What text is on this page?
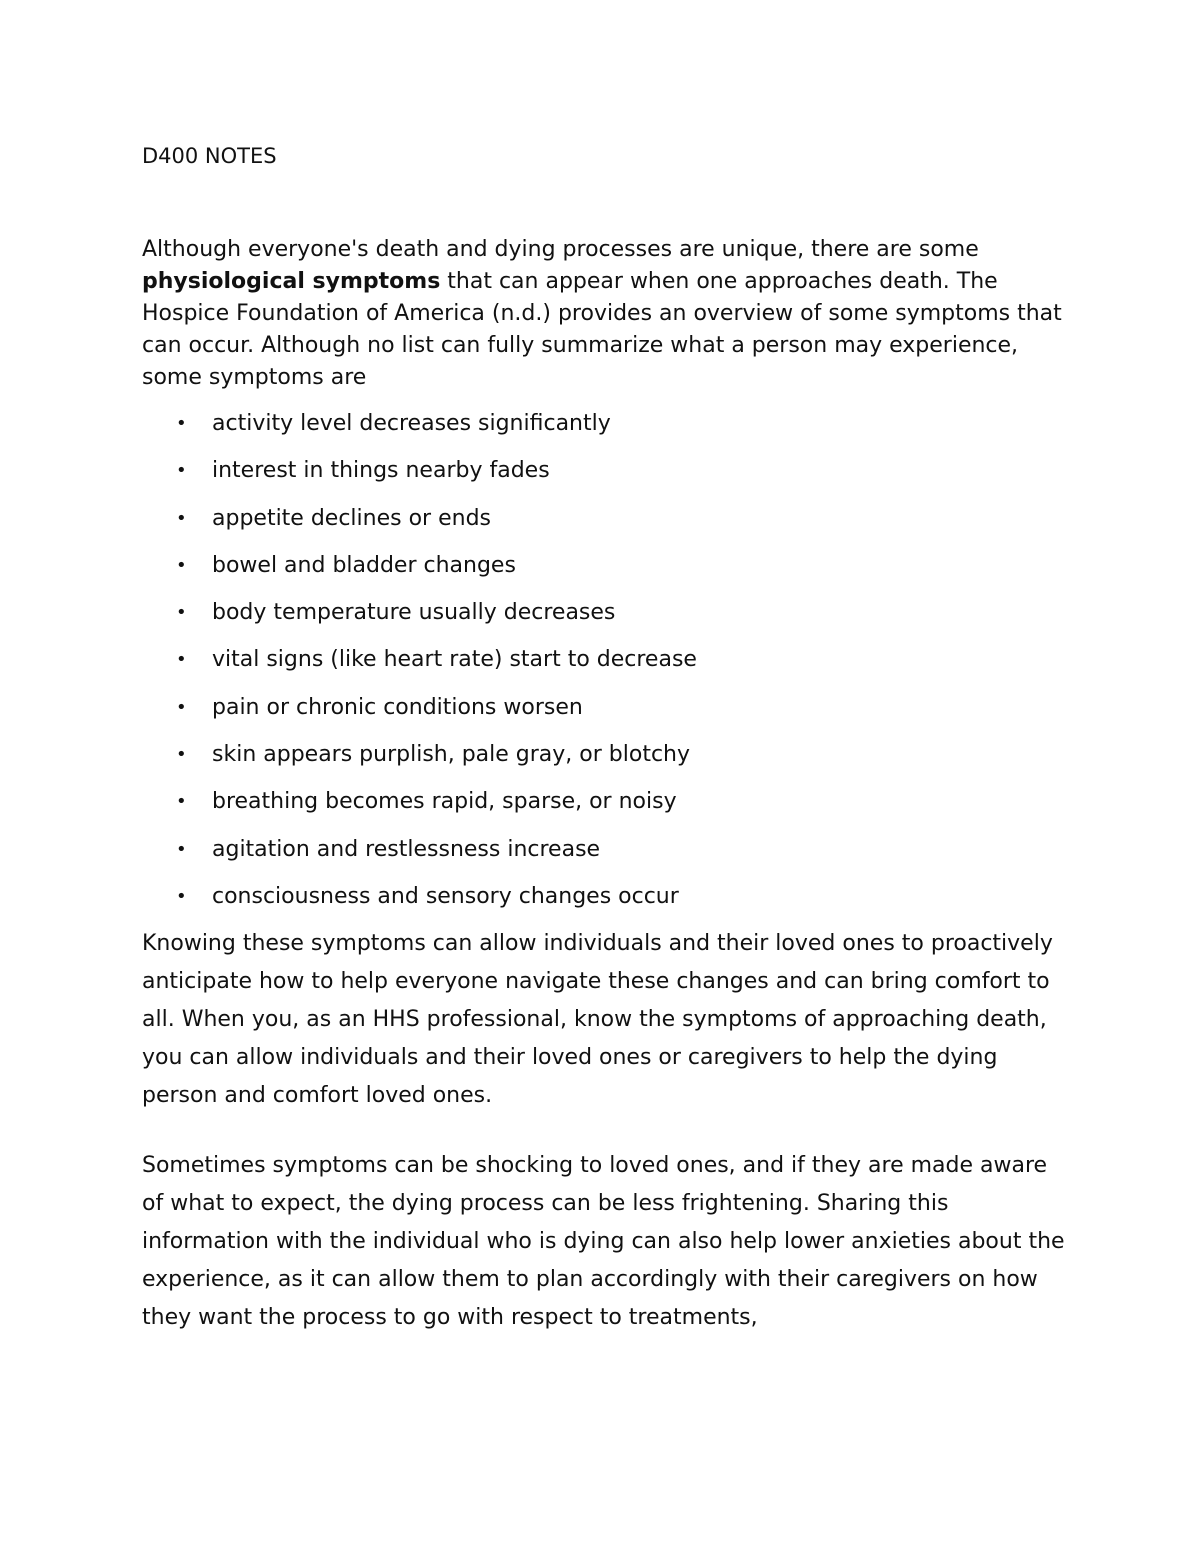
D400 NOTES

Although everyone's death and dying processes are unique, there are some physiological symptoms that can appear when one approaches death. The Hospice Foundation of America (n.d.) provides an overview of some symptoms that can occur. Although no list can fully summarize what a person may experience, some symptoms are

• activity level decreases significantly
• interest in things nearby fades
• appetite declines or ends
• bowel and bladder changes
• body temperature usually decreases
• vital signs (like heart rate) start to decrease
• pain or chronic conditions worsen
• skin appears purplish, pale gray, or blotchy
• breathing becomes rapid, sparse, or noisy
• agitation and restlessness increase
• consciousness and sensory changes occur

Knowing these symptoms can allow individuals and their loved ones to proactively anticipate how to help everyone navigate these changes and can bring comfort to all. When you, as an HHS professional, know the symptoms of approaching death, you can allow individuals and their loved ones or caregivers to help the dying person and comfort loved ones.

Sometimes symptoms can be shocking to loved ones, and if they are made aware of what to expect, the dying process can be less frightening. Sharing this information with the individual who is dying can also help lower anxieties about the experience, as it can allow them to plan accordingly with their caregivers on how they want the process to go with respect to treatments,
